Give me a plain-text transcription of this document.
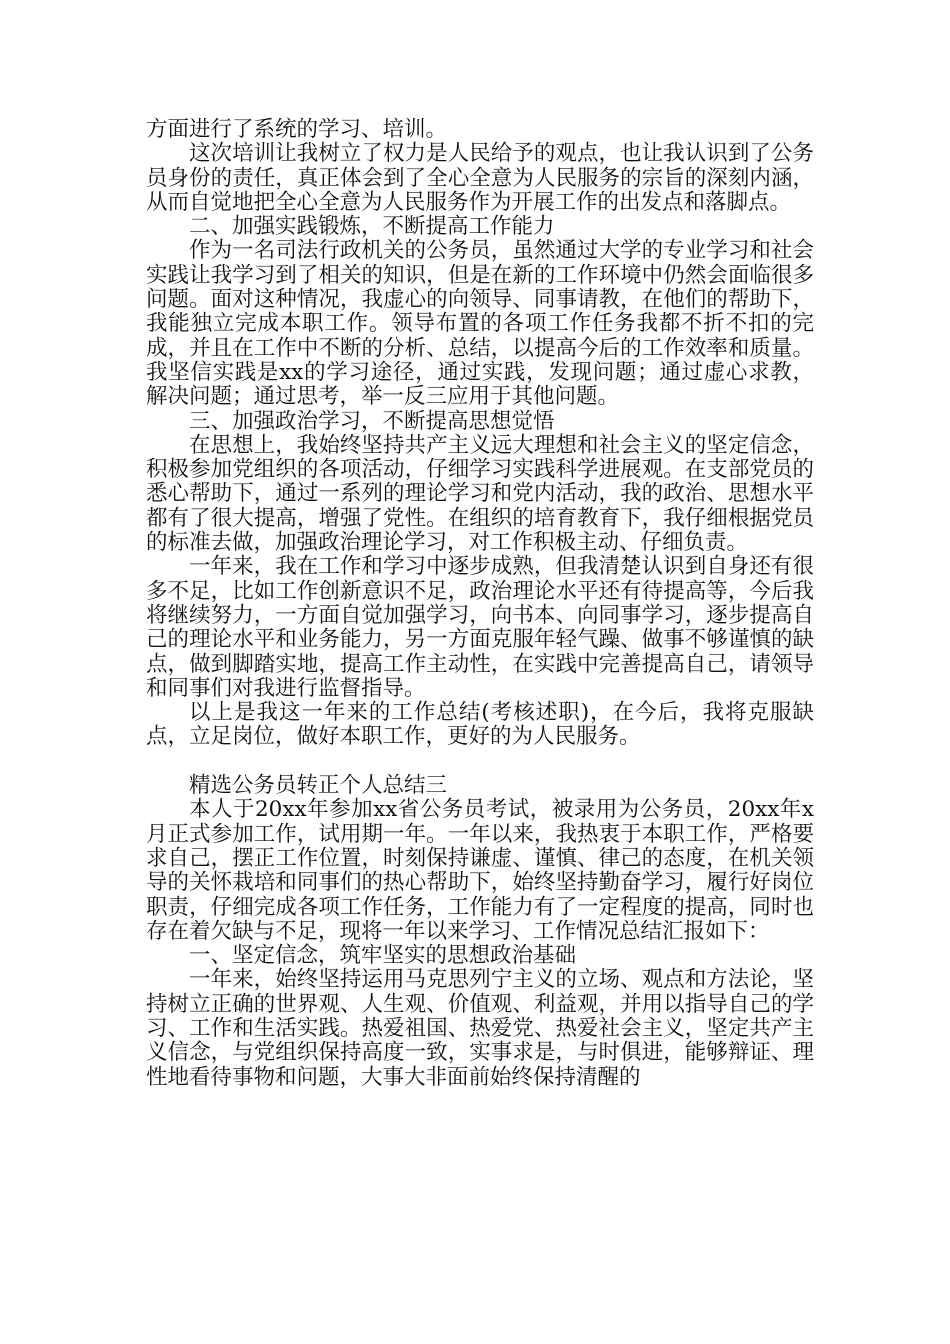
方面进行了系统的学习、培训。

这次培训让我树立了权力是人民给予的观点，也让我认识到了公务员身份的责任，真正体会到了全心全意为人民服务的宗旨的深刻内涵，从而自觉地把全心全意为人民服务作为开展工作的出发点和落脚点。

二、加强实践锻炼，不断提高工作能力

作为一名司法行政机关的公务员，虽然通过大学的专业学习和社会实践让我学习到了相关的知识，但是在新的工作环境中仍然会面临很多问题。面对这种情况，我虚心的向领导、同事请教，在他们的帮助下，我能独立完成本职工作。领导布置的各项工作任务我都不折不扣的完成，并且在工作中不断的分析、总结，以提高今后的工作效率和质量。我坚信实践是xx的学习途径，通过实践，发现问题；通过虚心求教，解决问题；通过思考，举一反三应用于其他问题。

三、加强政治学习，不断提高思想觉悟

在思想上，我始终坚持共产主义远大理想和社会主义的坚定信念，积极参加党组织的各项活动，仔细学习实践科学进展观。在支部党员的悉心帮助下，通过一系列的理论学习和党内活动，我的政治、思想水平都有了很大提高，增强了党性。在组织的培育教育下，我仔细根据党员的标准去做，加强政治理论学习，对工作积极主动、仔细负责。

一年来，我在工作和学习中逐步成熟，但我清楚认识到自身还有很多不足，比如工作创新意识不足，政治理论水平还有待提高等，今后我将继续努力，一方面自觉加强学习，向书本、向同事学习，逐步提高自己的理论水平和业务能力，另一方面克服年轻气躁、做事不够谨慎的缺点，做到脚踏实地，提高工作主动性，在实践中完善提高自己，请领导和同事们对我进行监督指导。

以上是我这一年来的工作总结(考核述职)，在今后，我将克服缺点，立足岗位，做好本职工作，更好的为人民服务。

精选公务员转正个人总结三

本人于20xx年参加xx省公务员考试，被录用为公务员，20xx年x月正式参加工作，试用期一年。一年以来，我热衷于本职工作，严格要求自己，摆正工作位置，时刻保持谦虚、谨慎、律己的态度，在机关领导的关怀栽培和同事们的热心帮助下，始终坚持勤奋学习，履行好岗位职责，仔细完成各项工作任务，工作能力有了一定程度的提高，同时也存在着欠缺与不足，现将一年以来学习、工作情况总结汇报如下：

一、坚定信念，筑牢坚实的思想政治基础

一年来，始终坚持运用马克思列宁主义的立场、观点和方法论，坚持树立正确的世界观、人生观、价值观、利益观，并用以指导自己的学习、工作和生活实践。热爱祖国、热爱党、热爱社会主义，坚定共产主义信念，与党组织保持高度一致，实事求是，与时俱进，能够辩证、理性地看待事物和问题，大事大非面前始终保持清醒的
